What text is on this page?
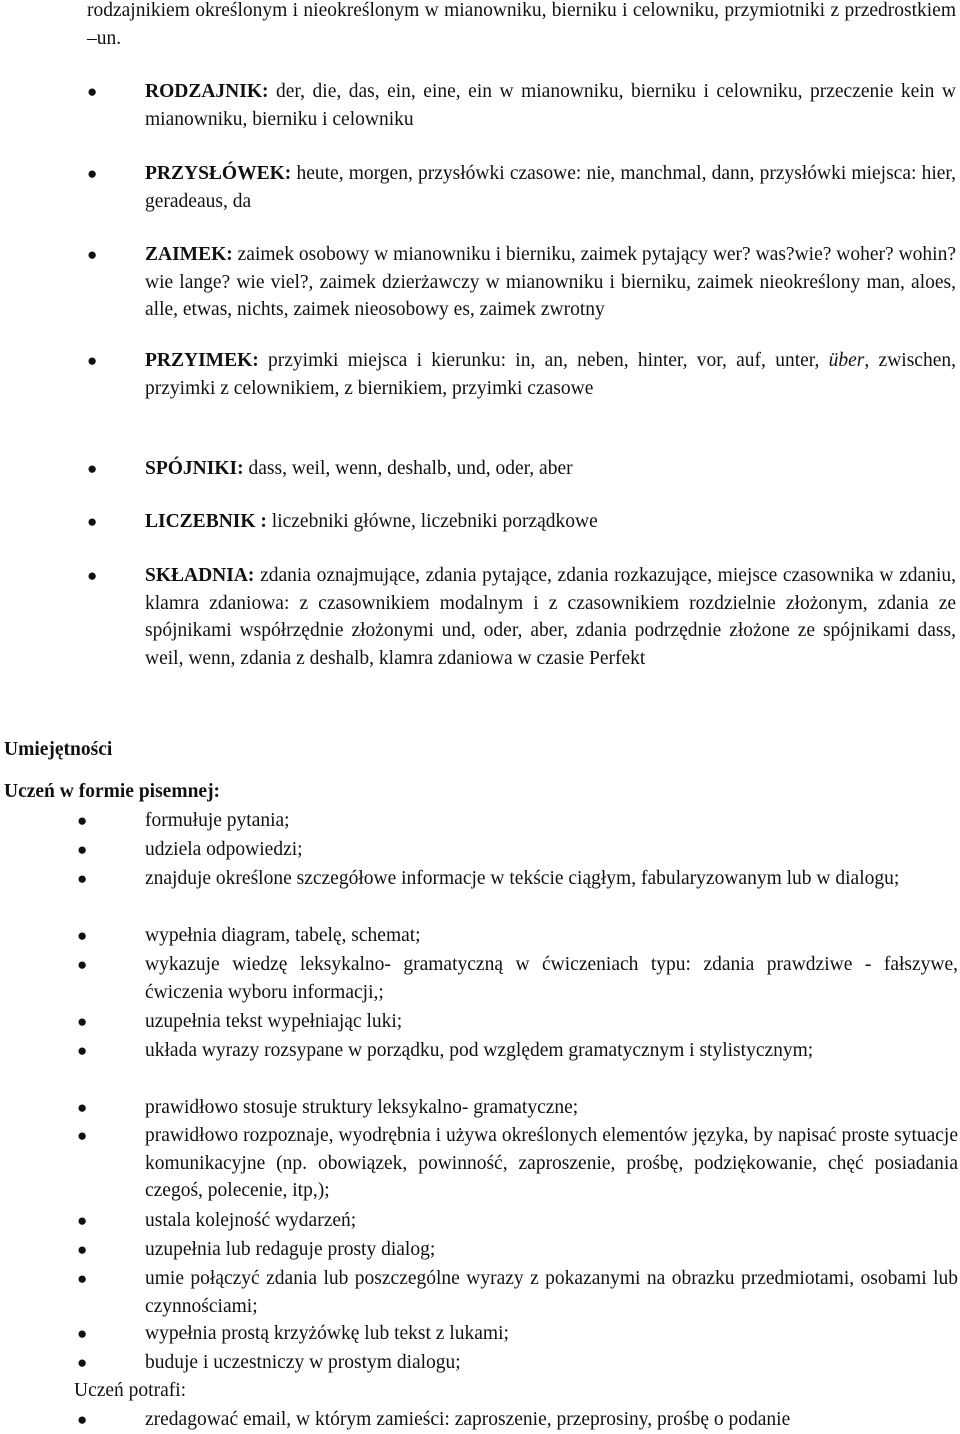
rodzajnikiem określonym i nieokreślonym w mianowniku, bierniku i celowniku, przymiotniki z przedrostkiem –un.

●	RODZAJNIK: der, die, das, ein, eine, ein w mianowniku, bierniku i celowniku, przeczenie kein w mianowniku, bierniku i celowniku

●	PRZYSŁÓWEK: heute, morgen, przysłówki czasowe: nie, manchmal, dann, przysłówki miejsca: hier, geradeaus, da

●	ZAIMEK: zaimek osobowy w mianowniku i bierniku, zaimek pytający wer? was?wie? woher? wohin? wie lange? wie viel?, zaimek dzierżawczy w mianowniku i bierniku, zaimek nieokreślony man, aloes, alle, etwas, nichts, zaimek nieosobowy es, zaimek zwrotny

●	PRZYIMEK: przyimki miejsca i kierunku: in, an, neben, hinter, vor, auf, unter, über, zwischen, przyimki z celownikiem, z biernikiem, przyimki czasowe

●	SPÓJNIKI: dass, weil, wenn, deshalb, und, oder, aber

●	LICZEBNIK : liczebniki główne, liczebniki porządkowe

●	SKŁADNIA: zdania oznajmujące, zdania pytające, zdania rozkazujące, miejsce czasownika w zdaniu, klamra zdaniowa: z czasownikiem modalnym i z czasownikiem rozdzielnie złożonym, zdania ze spójnikami współrzędnie złożonymi und, oder, aber, zdania podrzędnie złożone ze spójnikami dass, weil, wenn, zdania z deshalb, klamra zdaniowa w czasie Perfekt

Umiejętności
Uczeń w formie pisemnej:
●	formułuje pytania;

●	udziela odpowiedzi;

●	znajduje określone szczegółowe informacje w tekście ciągłym, fabularyzowanym lub w dialogu;

●	wypełnia diagram, tabelę, schemat;

●	wykazuje wiedzę leksykalno- gramatyczną w ćwiczeniach typu: zdania prawdziwe - fałszywe, ćwiczenia wyboru informacji,;

●	uzupełnia tekst wypełniając luki;

●	układa wyrazy rozsypane w porządku, pod względem gramatycznym i stylistycznym;

●	prawidłowo stosuje struktury leksykalno- gramatyczne;

●	prawidłowo rozpoznaje, wyodrębnia i używa określonych elementów języka, by napisać proste sytuacje komunikacyjne (np. obowiązek, powinność, zaproszenie, prośbę, podziękowanie, chęć posiadania czegoś, polecenie, itp,);

●	ustala kolejność wydarzeń;

●	uzupełnia lub redaguje prosty dialog;

●	umie połączyć zdania lub poszczególne wyrazy z pokazanymi na obrazku przedmiotami, osobami lub czynnościami;

●	wypełnia prostą krzyżówkę lub tekst z lukami;

●	buduje i uczestniczy w prostym dialogu;

Uczeń potrafi:
●	zredagować email, w którym zamieści: zaproszenie, przeprosiny, prośbę o podanie
